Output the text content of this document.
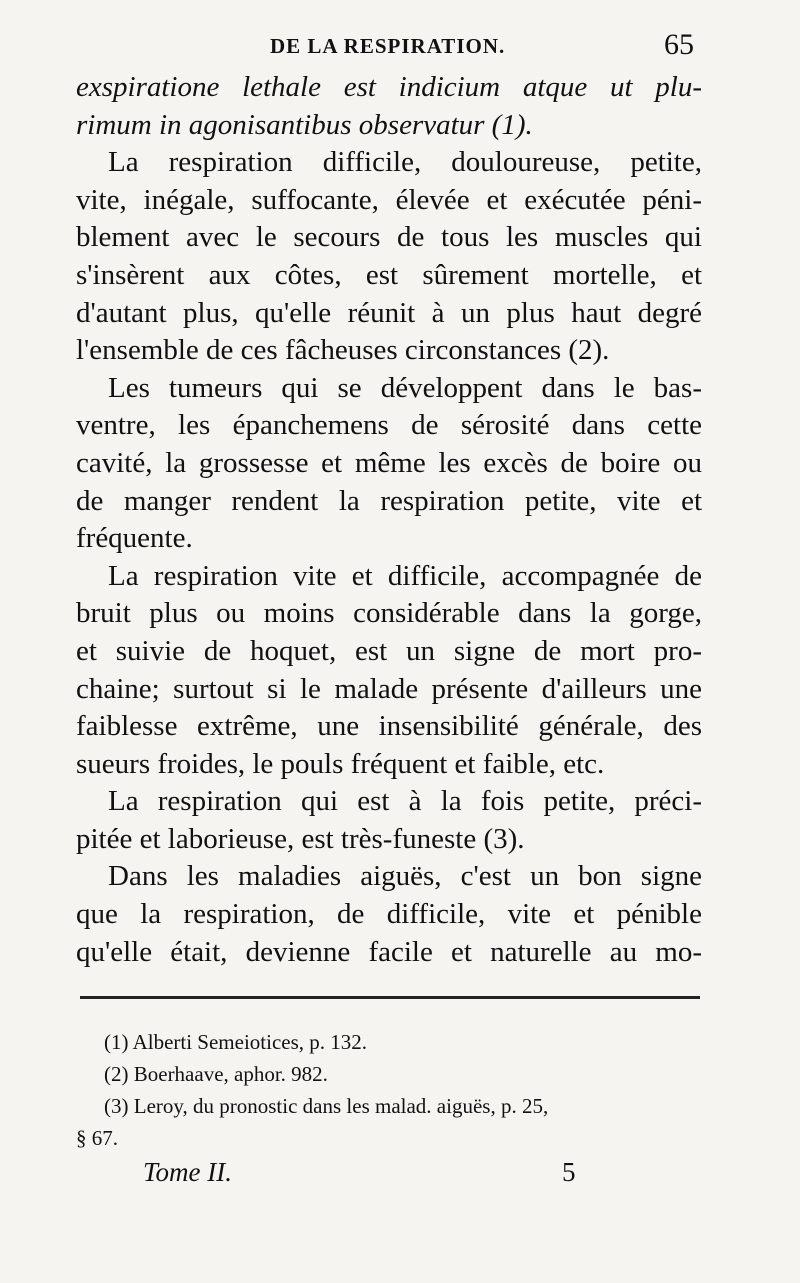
DE LA RESPIRATION.	65
exspiratione lethale est indicium atque ut plu-
rimum in agonisantibus observatur (1).
La respiration difficile, douloureuse, petite,
vite, inégale, suffocante, élevée et exécutée péni-
blement avec le secours de tous les muscles qui
s'insèrent aux côtes, est sûrement mortelle, et
d'autant plus, qu'elle réunit à un plus haut degré
l'ensemble de ces fâcheuses circonstances (2).
Les tumeurs qui se développent dans le bas-
ventre, les épanchemens de sérosité dans cette
cavité, la grossesse et même les excès de boire ou
de manger rendent la respiration petite, vite et
fréquente.
La respiration vite et difficile, accompagnée de
bruit plus ou moins considérable dans la gorge,
et suivie de hoquet, est un signe de mort pro-
chaine; surtout si le malade présente d'ailleurs une
faiblesse extrême, une insensibilité générale, des
sueurs froides, le pouls fréquent et faible, etc.
La respiration qui est à la fois petite, préci-
pitée et laborieuse, est très-funeste (3).
Dans les maladies aiguës, c'est un bon signe
que la respiration, de difficile, vite et pénible
qu'elle était, devienne facile et naturelle au mo-
(1) Alberti Semeiotices, p. 132.
(2) Boerhaave, aphor. 982.
(3) Leroy, du pronostic dans les malad. aiguës, p. 25,
§ 67.
Tome II.	5
